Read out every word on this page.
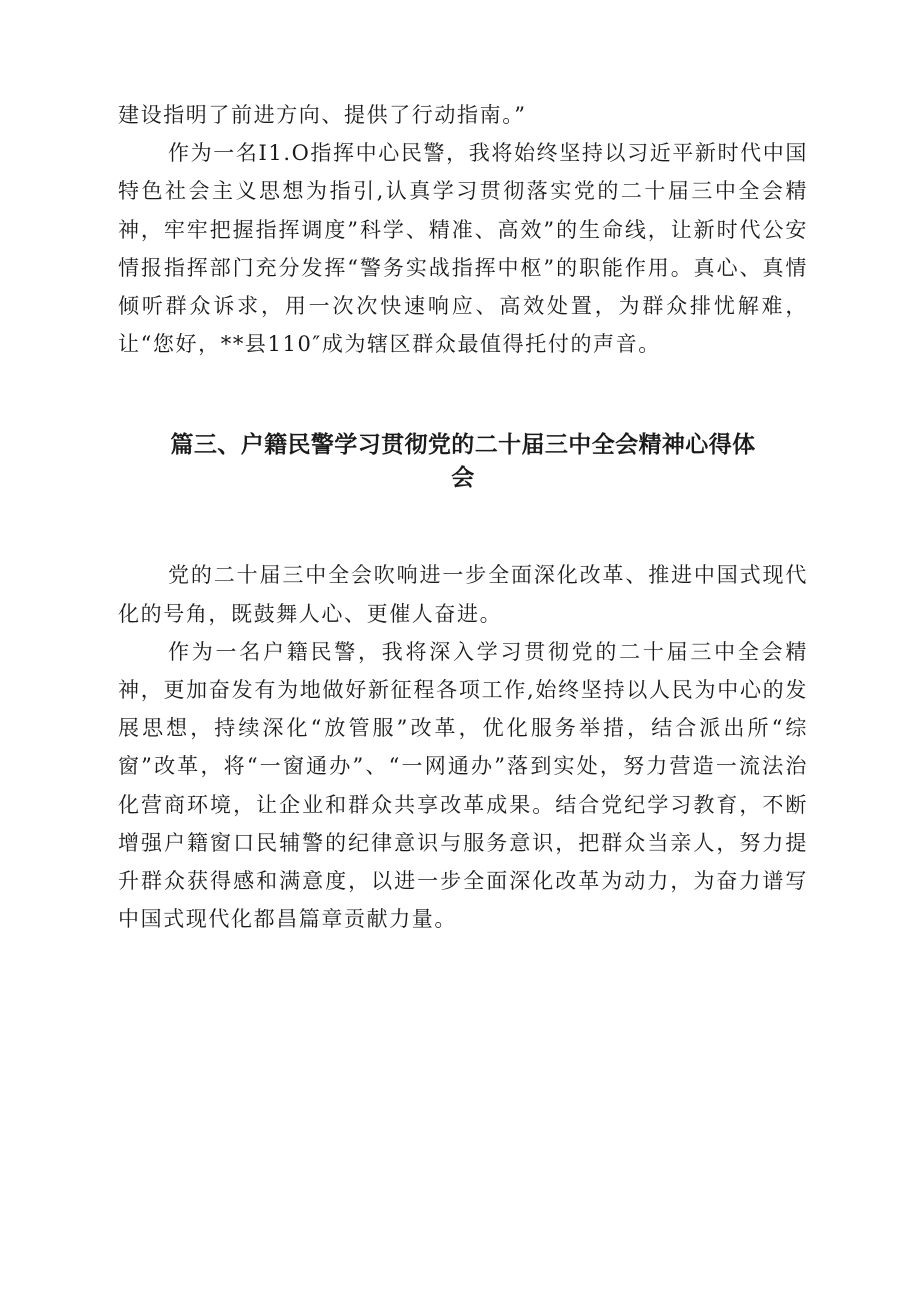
建设指明了前进方向、提供了行动指南。”

作为一名I1.O指挥中心民警，我将始终坚持以习近平新时代中国特色社会主义思想为指引,认真学习贯彻落实党的二十届三中全会精神，牢牢把握指挥调度”科学、精准、高效”的生命线，让新时代公安情报指挥部门充分发挥“警务实战指挥中枢”的职能作用。真心、真情倾听群众诉求，用一次次快速响应、高效处置，为群众排忧解难，让“您好，**县110″成为辖区群众最值得托付的声音。

篇三、户籍民警学习贯彻党的二十届三中全会精神心得体
会

党的二十届三中全会吹响进一步全面深化改革、推进中国式现代化的号角，既鼓舞人心、更催人奋进。

作为一名户籍民警，我将深入学习贯彻党的二十届三中全会精神，更加奋发有为地做好新征程各项工作,始终坚持以人民为中心的发展思想，持续深化“放管服”改革，优化服务举措，结合派出所“综窗”改革，将“一窗通办”、“一网通办”落到实处，努力营造一流法治化营商环境，让企业和群众共享改革成果。结合党纪学习教育，不断增强户籍窗口民辅警的纪律意识与服务意识，把群众当亲人，努力提升群众获得感和满意度，以进一步全面深化改革为动力，为奋力谱写中国式现代化都昌篇章贡献力量。
